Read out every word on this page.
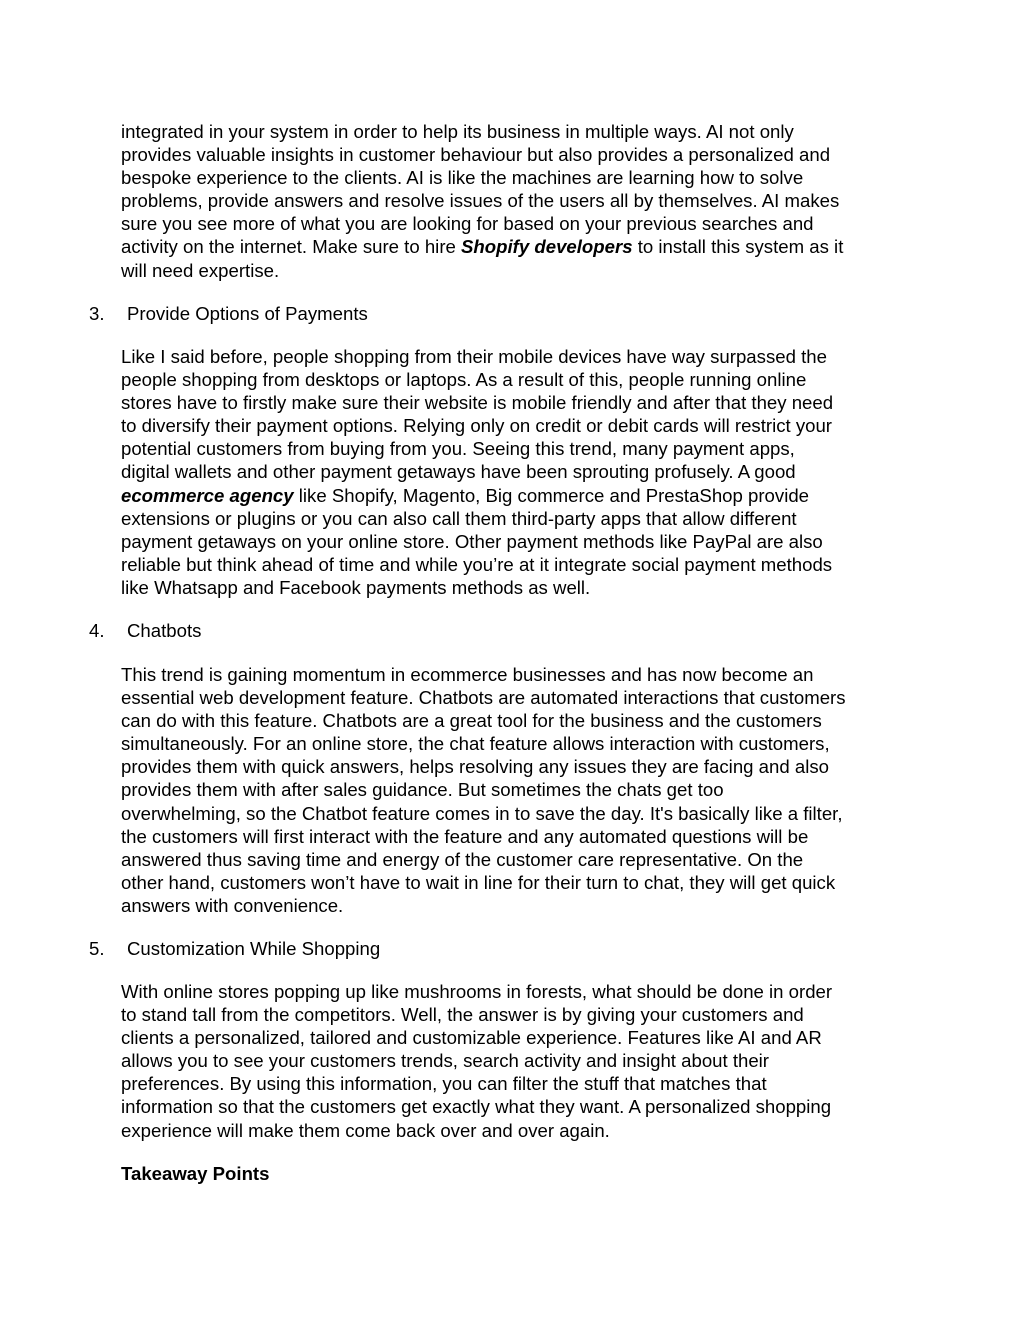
integrated in your system in order to help its business in multiple ways. AI not only
provides valuable insights in customer behaviour but also provides a personalized and
bespoke experience to the clients. AI is like the machines are learning how to solve
problems, provide answers and resolve issues of the users all by themselves. AI makes
sure you see more of what you are looking for based on your previous searches and
activity on the internet. Make sure to hire Shopify developers to install this system as it
will need expertise.

3. Provide Options of Payments

Like I said before, people shopping from their mobile devices have way surpassed the
people shopping from desktops or laptops. As a result of this, people running online
stores have to firstly make sure their website is mobile friendly and after that they need
to diversify their payment options. Relying only on credit or debit cards will restrict your
potential customers from buying from you. Seeing this trend, many payment apps,
digital wallets and other payment getaways have been sprouting profusely. A good
ecommerce agency like Shopify, Magento, Big commerce and PrestaShop provide
extensions or plugins or you can also call them third-party apps that allow different
payment getaways on your online store. Other payment methods like PayPal are also
reliable but think ahead of time and while you’re at it integrate social payment methods
like Whatsapp and Facebook payments methods as well.

4. Chatbots

This trend is gaining momentum in ecommerce businesses and has now become an
essential web development feature. Chatbots are automated interactions that customers
can do with this feature. Chatbots are a great tool for the business and the customers
simultaneously. For an online store, the chat feature allows interaction with customers,
provides them with quick answers, helps resolving any issues they are facing and also
provides them with after sales guidance. But sometimes the chats get too
overwhelming, so the Chatbot feature comes in to save the day. It's basically like a filter,
the customers will first interact with the feature and any automated questions will be
answered thus saving time and energy of the customer care representative. On the
other hand, customers won’t have to wait in line for their turn to chat, they will get quick
answers with convenience.

5. Customization While Shopping

With online stores popping up like mushrooms in forests, what should be done in order
to stand tall from the competitors. Well, the answer is by giving your customers and
clients a personalized, tailored and customizable experience. Features like AI and AR
allows you to see your customers trends, search activity and insight about their
preferences. By using this information, you can filter the stuff that matches that
information so that the customers get exactly what they want. A personalized shopping
experience will make them come back over and over again.

Takeaway Points
